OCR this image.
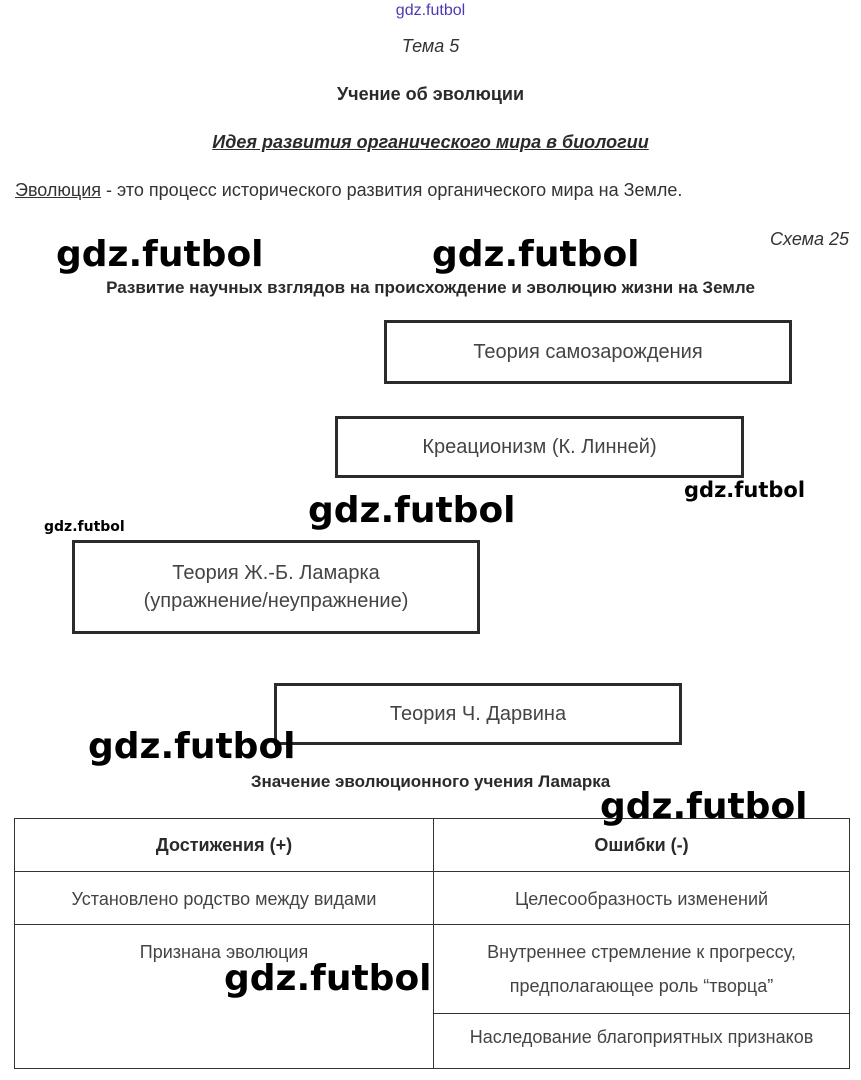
gdz.futbol
Тема 5
Учение об эволюции
Идея развития органического мира в биологии
Эволюция - это процесс исторического развития органического мира на Земле.
Схема 25
Развитие научных взглядов на происхождение и эволюцию жизни на Земле
Теория самозарождения
Креационизм (К. Линней)
Теория Ж.-Б. Ламарка
(упражнение/неупражнение)
Теория Ч. Дарвина
Значение эволюционного учения Ламарка
Достижения (+)	Ошибки (-)

Установлено родство между видами	Целесообразность изменений

Признана эволюция	Внутреннее стремление к прогрессу,
предполагающее роль “творца”

	Наследование благоприятных признаков
gdz.futbol	gdz.futbol
gdz.futbol
gdz.futbol
gdz.futbol
gdz.futbol
gdz.futbol
gdz.futbol
